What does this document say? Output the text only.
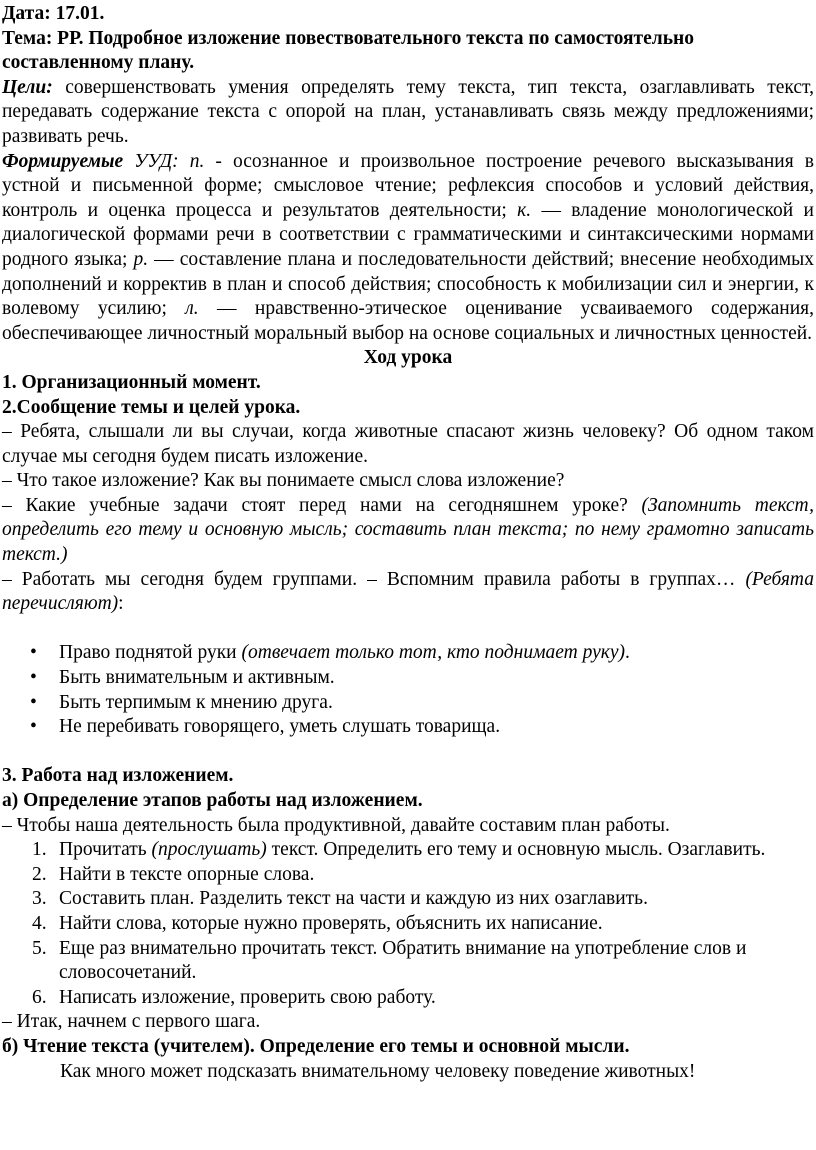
Дата: 17.01.

Тема: РР. Подробное изложение повествовательного текста по самостоятельно составленному плану.

Цели: совершенствовать умения определять тему текста, тип текста, озаглавливать текст, передавать содержание текста с опорой на план, устанавливать связь между предложениями; развивать речь.

Формируемые УУД: п. - осознанное и произвольное построение речевого высказывания в устной и письменной форме; смысловое чтение; рефлексия способов и условий действия, контроль и оценка процесса и результатов деятельности; к. — владение монологической и диалогической формами речи в соответствии с грамматическими и синтаксическими нормами родного языка; р. — составление плана и последовательности действий; внесение необходимых дополнений и корректив в план и способ действия; способность к мобилизации сил и энергии, к волевому усилию; л. — нравственно-этическое оценивание усваиваемого содержания, обеспечивающее личностный моральный выбор на основе социальных и личностных ценностей.

Ход урока

1. Организационный момент.

2.Сообщение темы и целей урока.

– Ребята, слышали ли вы случаи, когда животные спасают жизнь человеку? Об одном таком случае мы сегодня будем писать изложение.

– Что такое изложение? Как вы понимаете смысл слова изложение?

– Какие учебные задачи стоят перед нами на сегодняшнем уроке? (Запомнить текст, определить его тему и основную мысль; составить план текста; по нему грамотно записать текст.)

– Работать мы сегодня будем группами. – Вспомним правила работы в группах… (Ребята перечисляют):

• Право поднятой руки (отвечает только тот, кто поднимает руку).
• Быть внимательным и активным.
• Быть терпимым к мнению друга.
• Не перебивать говорящего, уметь слушать товарища.

3. Работа над изложением.

а) Определение этапов работы над изложением.

– Чтобы наша деятельность была продуктивной, давайте составим план работы.

1. Прочитать (прослушать) текст. Определить его тему и основную мысль. Озаглавить.
2. Найти в тексте опорные слова.
3. Составить план. Разделить текст на части и каждую из них озаглавить.
4. Найти слова, которые нужно проверять, объяснить их написание.
5. Еще раз внимательно прочитать текст. Обратить внимание на употребление слов и словосочетаний.
6. Написать изложение, проверить свою работу.

– Итак, начнем с первого шага.

б) Чтение текста (учителем). Определение его темы и основной мысли.

Как много может подсказать внимательному человеку поведение животных!
